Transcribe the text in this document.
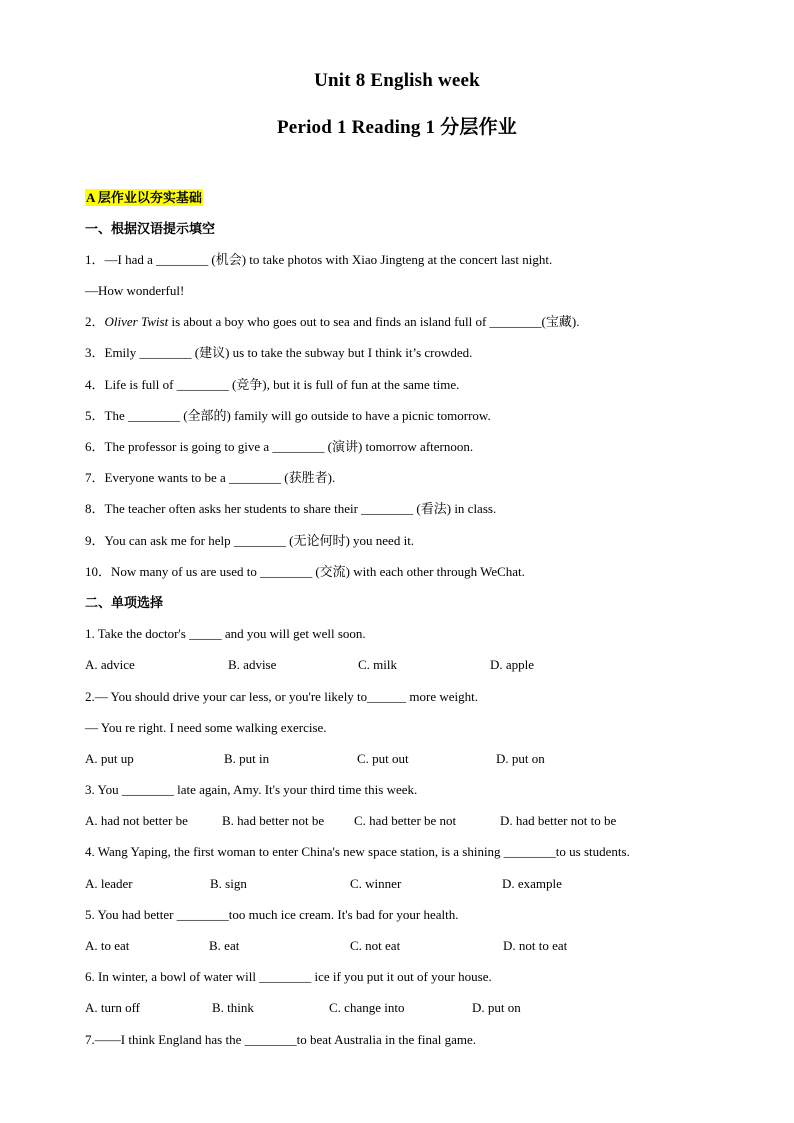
Unit 8 English week
Period 1 Reading 1 分层作业
A 层作业以夯实基础
一、根据汉语提示填空
1．—I had a ________ (机会) to take photos with Xiao Jingteng at the concert last night.
—How wonderful!
2．Oliver Twist is about a boy who goes out to sea and finds an island full of ________(宝藏).
3．Emily ________ (建议) us to take the subway but I think it’s crowded.
4．Life is full of ________ (竞争), but it is full of fun at the same time.
5．The ________ (全部的) family will go outside to have a picnic tomorrow.
6．The professor is going to give a ________ (演讲) tomorrow afternoon.
7．Everyone wants to be a ________ (获胜者).
8．The teacher often asks her students to share their ________ (看法) in class.
9．You can ask me for help ________ (无论何时) you need it.
10．Now many of us are used to ________ (交流) with each other through WeChat.
二、单项选择
1. Take the doctor's _____ and you will get well soon.
A. advice	B. advise	C. milk	D. apple
2.— You should drive your car less, or you're likely to______ more weight.
— You re right. I need some walking exercise.
A. put up	B. put in	C. put out	D. put on
3. You ________ late again, Amy. It's your third time this week.
A. had not better be	B. had better not be C. had better be not	D. had better not to be
4. Wang Yaping, the first woman to enter China's new space station, is a shining ________to us students.
A. leader	B. sign	C. winner	D. example
5. You had better ________too much ice cream. It's bad for your health.
A. to eat	B. eat	C. not eat	D. not to eat
6. In winter, a bowl of water will ________ ice if you put it out of your house.
A. turn off	B. think	C. change into	D. put on
7.——I think England has the ________to beat Australia in the final game.
